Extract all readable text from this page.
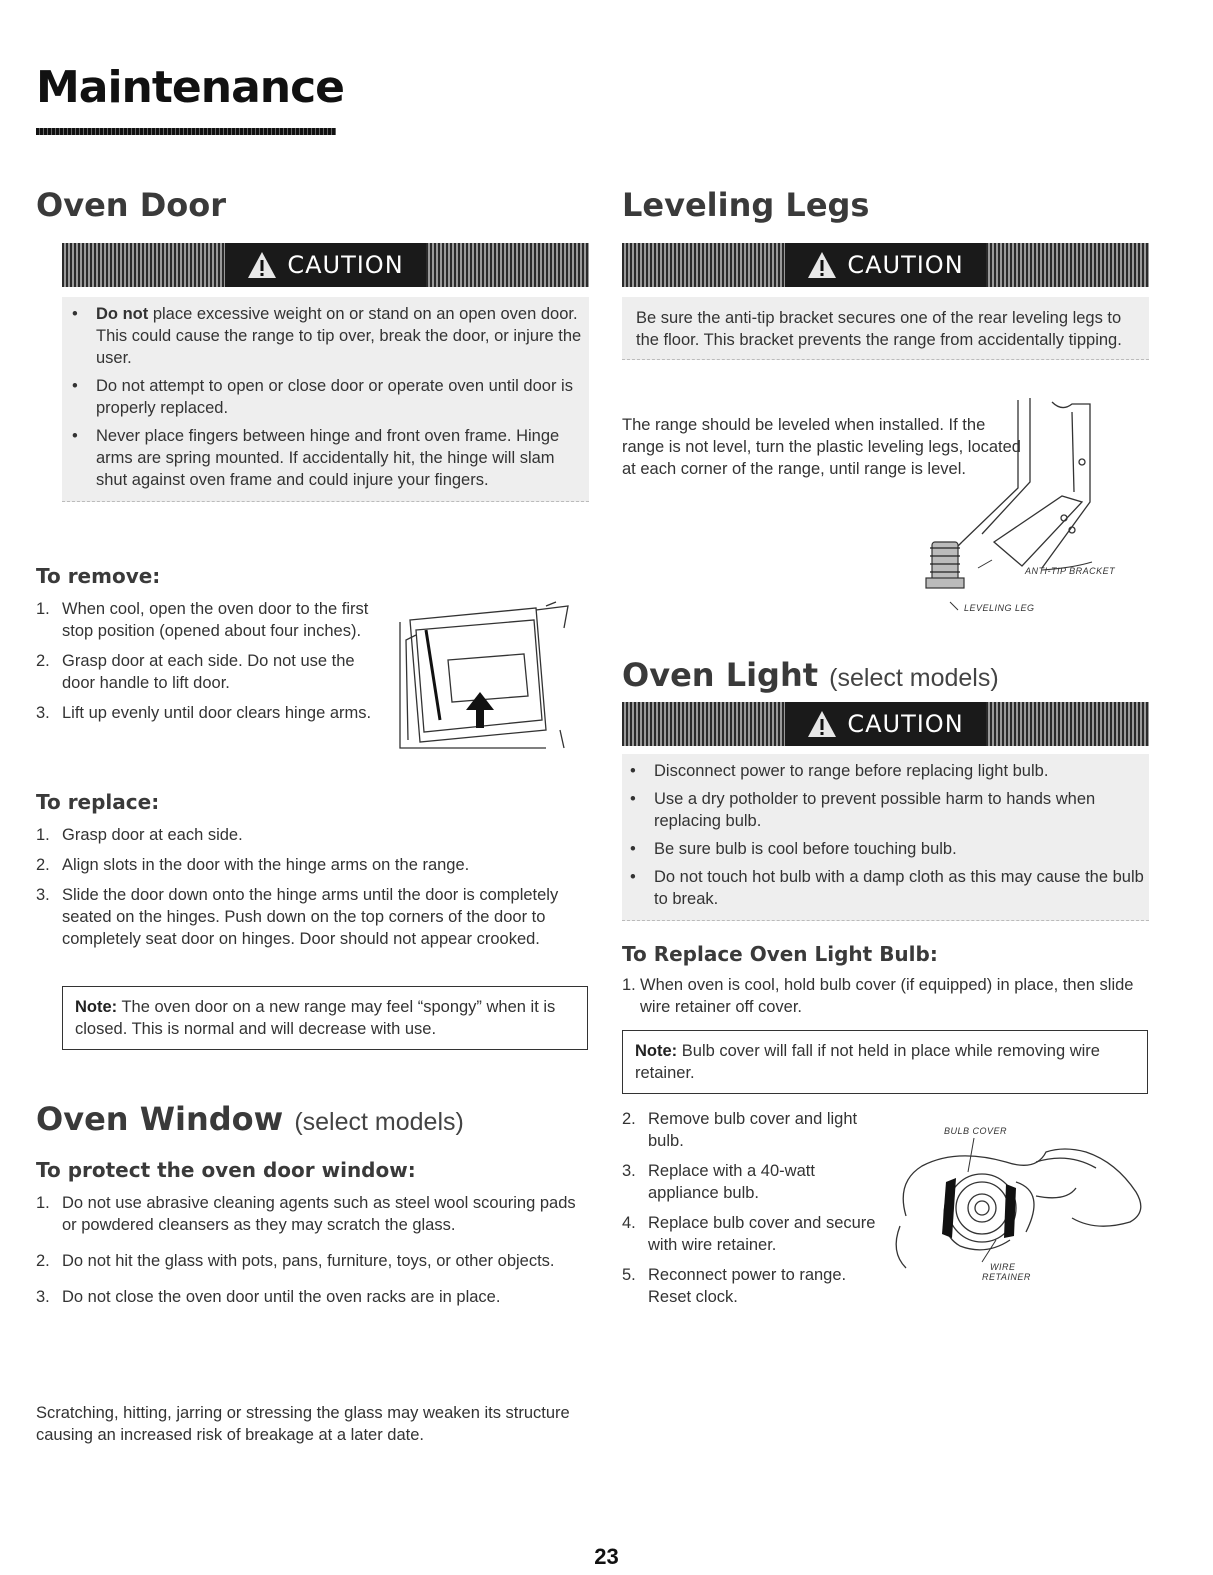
Maintenance
Oven Door
CAUTION
• Do not place excessive weight on or stand on an open oven door. This could cause the range to tip over, break the door, or injure the user.
• Do not attempt to open or close door or operate oven until door is properly replaced.
• Never place fingers between hinge and front oven frame. Hinge arms are spring mounted. If accidentally hit, the hinge will slam shut against oven frame and could injure your fingers.
To remove:
1. When cool, open the oven door to the first stop position (opened about four inches).
2. Grasp door at each side. Do not use the door handle to lift door.
3. Lift up evenly until door clears hinge arms.
To replace:
1. Grasp door at each side.
2. Align slots in the door with the hinge arms on the range.
3. Slide the door down onto the hinge arms until the door is completely seated on the hinges. Push down on the top corners of the door to completely seat door on hinges. Door should not appear crooked.
Note: The oven door on a new range may feel “spongy” when it is closed. This is normal and will decrease with use.
Oven Window (select models)
To protect the oven door window:
1. Do not use abrasive cleaning agents such as steel wool scouring pads or powdered cleansers as they may scratch the glass.
2. Do not hit the glass with pots, pans, furniture, toys, or other objects.
3. Do not close the oven door until the oven racks are in place.
Scratching, hitting, jarring or stressing the glass may weaken its structure causing an increased risk of breakage at a later date.
Leveling Legs
CAUTION

Be sure the anti-tip bracket secures one of the rear leveling legs to the floor. This bracket prevents the range from accidentally tipping.

The range should be leveled when installed. If the range is not level, turn the plastic leveling legs, located at each corner of the range, until range is level.
ANTI-TIP BRACKET
LEVELING LEG
Oven Light (select models)
CAUTION
• Disconnect power to range before replacing light bulb.
• Use a dry potholder to prevent possible harm to hands when replacing bulb.
• Be sure bulb is cool before touching bulb.
• Do not touch hot bulb with a damp cloth as this may cause the bulb to break.
To Replace Oven Light Bulb:
1. When oven is cool, hold bulb cover (if equipped) in place, then slide wire retainer off cover.
Note: Bulb cover will fall if not held in place while removing wire retainer.
2. Remove bulb cover and light bulb.
3. Replace with a 40-watt appliance bulb.
4. Replace bulb cover and secure with wire retainer.
5. Reconnect power to range. Reset clock.
BULB COVER
WIRE
RETAINER
23
